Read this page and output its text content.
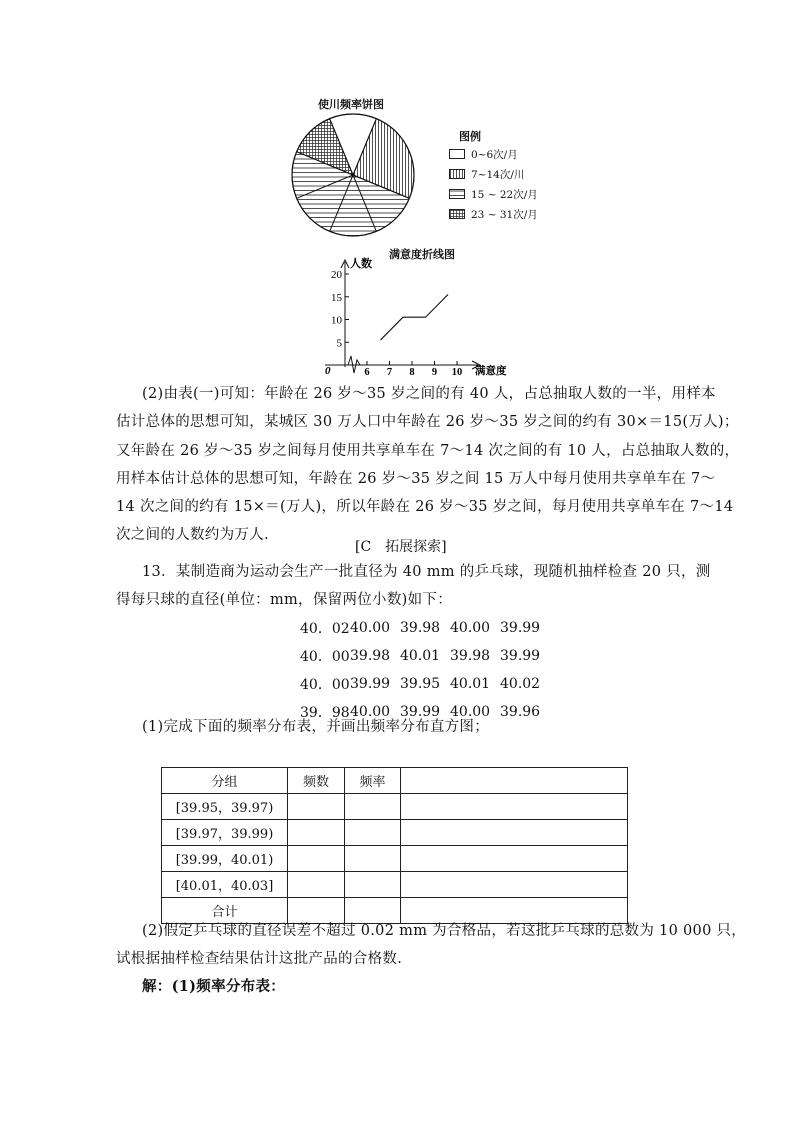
使川频率饼图
图例
0~6次/月
7~14次/川
15 ~ 22次/月
23 ~ 31次/月
满意度折线图
5
10
15
20
6 7 8 9 10
0
人数
满意度
(2)由表(一)可知：年龄在 26 岁～35 岁之间的有 40 人，占总抽取人数的一半，用样本
估计总体的思想可知，某城区 30 万人口中年龄在 26 岁～35 岁之间的约有 30×＝15(万人)；
又年龄在 26 岁～35 岁之间每月使用共享单车在 7～14 次之间的有 10 人，占总抽取人数的，
用样本估计总体的思想可知，年龄在 26 岁～35 岁之间 15 万人中每月使用共享单车在 7～
14 次之间的约有 15×＝(万人)，所以年龄在 26 岁～35 岁之间，每月使用共享单车在 7～14
次之间的人数约为万人.
[C　拓展探索]
13．某制造商为运动会生产一批直径为 40 mm 的乒乓球，现随机抽样检查 20 只，测
得每只球的直径(单位：mm，保留两位小数)如下：
40．02 40.00 39.98 40.00 39.99
40．00 39.98 40.01 39.98 39.99
40．00 39.99 39.95 40.01 40.02
39．98 40.00 39.99 40.00 39.96
(1)完成下面的频率分布表，并画出频率分布直方图；
分组	频数	频率	
[39.95，39.97)			
[39.97，39.99)			
[39.99，40.01)			
[40.01，40.03]			
合计			
(2)假定乒乓球的直径误差不超过 0.02 mm 为合格品，若这批乒乓球的总数为 10 000 只，
试根据抽样检查结果估计这批产品的合格数.
解：(1)频率分布表：
